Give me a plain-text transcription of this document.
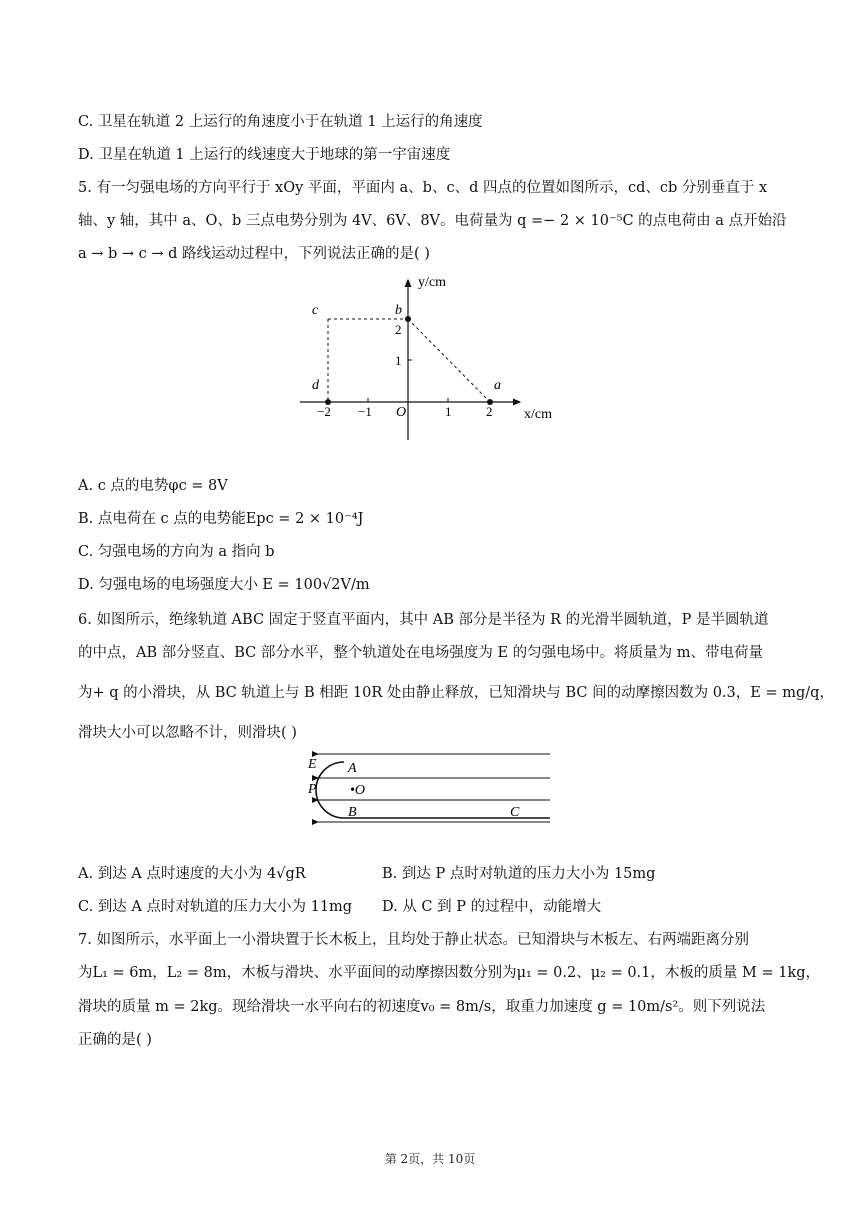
C. 卫星在轨道 2 上运行的角速度小于在轨道 1 上运行的角速度
D. 卫星在轨道 1 上运行的线速度大于地球的第一宇宙速度
5. 有一匀强电场的方向平行于 xOy 平面，平面内 a、b、c、d 四点的位置如图所示，cd、cb 分别垂直于 x
轴、y 轴，其中 a、O、b 三点电势分别为 4V、6V、8V。电荷量为 q =− 2 × 10⁻⁵C 的点电荷由 a 点开始沿
a → b → c → d 路线运动过程中，下列说法正确的是( )
y/cm
x/cm
O
−2 −1	1	2
1
2
a
b
c
d
A. c 点的电势φc = 8V
B. 点电荷在 c 点的电势能Epc = 2 × 10⁻⁴J
C. 匀强电场的方向为 a 指向 b
D. 匀强电场的电场强度大小 E = 100√2V/m
6. 如图所示，绝缘轨道 ABC 固定于竖直平面内，其中 AB 部分是半径为 R 的光滑半圆轨道，P 是半圆轨道
的中点，AB 部分竖直、BC 部分水平，整个轨道处在电场强度为 E 的匀强电场中。将质量为 m、带电荷量
为+ q 的小滑块，从 BC 轨道上与 B 相距 10R 处由静止释放，已知滑块与 BC 间的动摩擦因数为 0.3，E = mg/q，
滑块大小可以忽略不计，则滑块( )
E A
P •O
B	C
A. 到达 A 点时速度的大小为 4√gR	B. 到达 P 点时对轨道的压力大小为 15mg
C. 到达 A 点时对轨道的压力大小为 11mg D. 从 C 到 P 的过程中，动能增大
7. 如图所示，水平面上一小滑块置于长木板上，且均处于静止状态。已知滑块与木板左、右两端距离分别
为L₁ = 6m，L₂ = 8m，木板与滑块、水平面间的动摩擦因数分别为μ₁ = 0.2、μ₂ = 0.1，木板的质量 M = 1kg，
滑块的质量 m = 2kg。现给滑块一水平向右的初速度v₀ = 8m/s，取重力加速度 g = 10m/s²。则下列说法
正确的是( )
第 2页，共 10页
